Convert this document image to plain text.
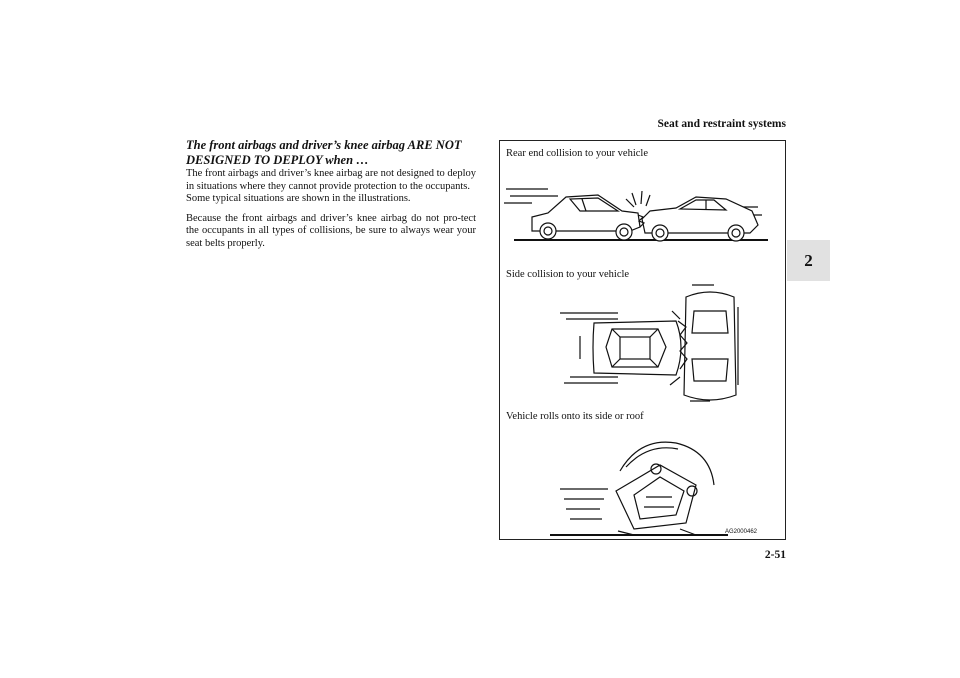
Seat and restraint systems
2

The front airbags and driver’s knee airbag ARE NOT DESIGNED TO DEPLOY when …

The front airbags and driver’s knee airbag are not designed to deploy in situations where they cannot provide protection to the occupants.

Some typical situations are shown in the illustrations.

Because the front airbags and driver’s knee airbag do not pro-tect the occupants in all types of collisions, be sure to always wear your seat belts properly.

Rear end collision to your vehicle
Side collision to your vehicle
Vehicle rolls onto its side or roof
AG2000462
2-51
